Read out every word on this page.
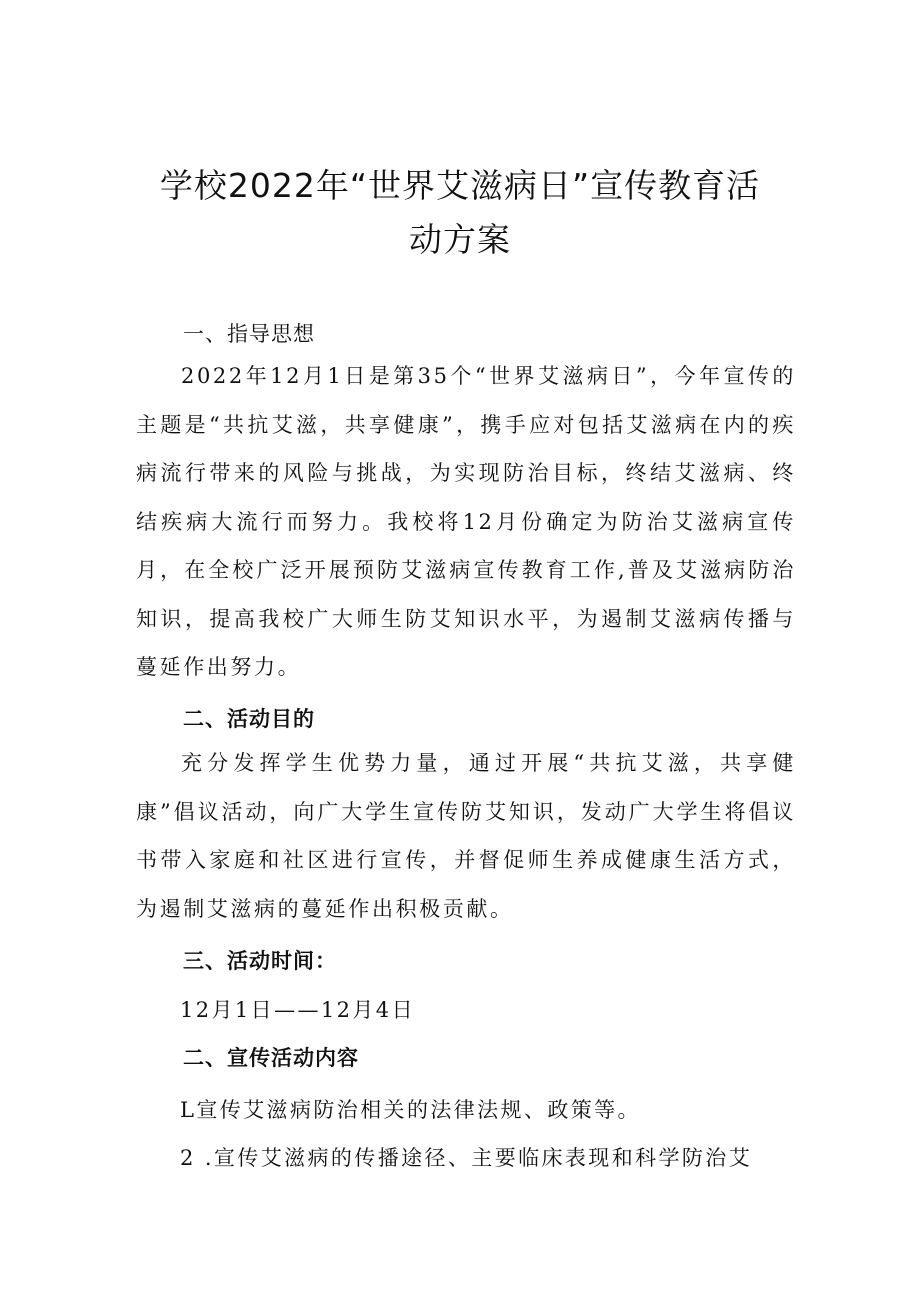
学校2022年“世界艾滋病日”宣传教育活
动方案

一、指导思想

2022年12月1日是第35个“世界艾滋病日”，今年宣传的主题是“共抗艾滋，共享健康”，携手应对包括艾滋病在内的疾病流行带来的风险与挑战，为实现防治目标，终结艾滋病、终结疾病大流行而努力。我校将12月份确定为防治艾滋病宣传月，在全校广泛开展预防艾滋病宣传教育工作,普及艾滋病防治知识，提高我校广大师生防艾知识水平，为遏制艾滋病传播与蔓延作出努力。

二、活动目的

充分发挥学生优势力量，通过开展“共抗艾滋，共享健康”倡议活动，向广大学生宣传防艾知识，发动广大学生将倡议书带入家庭和社区进行宣传，并督促师生养成健康生活方式，为遏制艾滋病的蔓延作出积极贡献。

三、活动时间：

12月1日——12月4日

二、宣传活动内容

L宣传艾滋病防治相关的法律法规、政策等。

2 .宣传艾滋病的传播途径、主要临床表现和科学防治艾
